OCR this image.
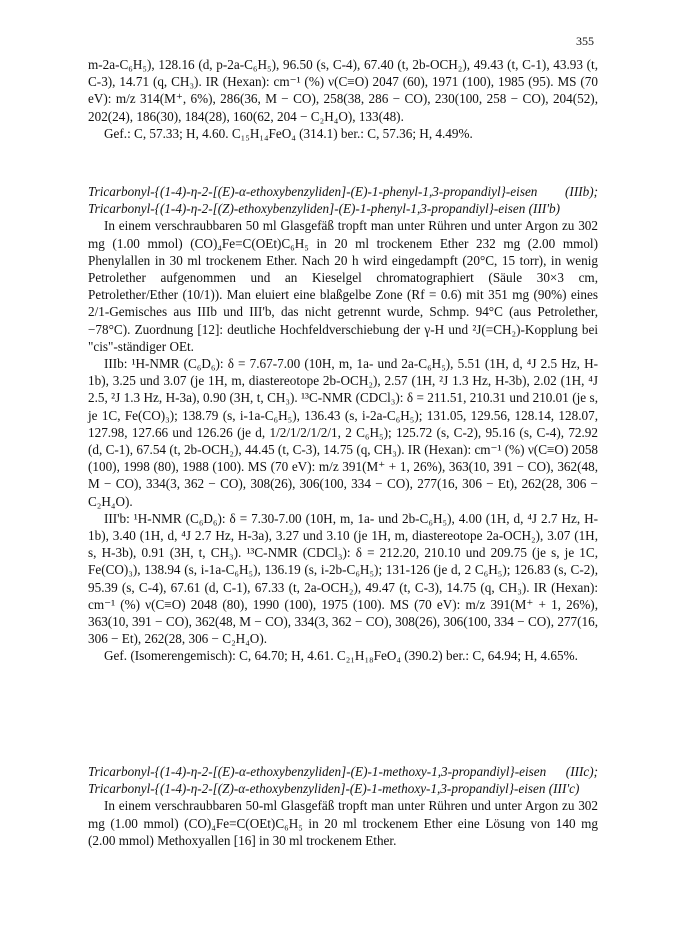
355

m-2a-C₆H₅), 128.16 (d, p-2a-C₆H₅), 96.50 (s, C-4), 67.40 (t, 2b-OCH₂), 49.43 (t, C-1), 43.93 (t, C-3), 14.71 (q, CH₃). IR (Hexan): cm⁻¹ (%) ν(C≡O) 2047 (60), 1971 (100), 1985 (95). MS (70 eV): m/z 314(M⁺, 6%), 286(36, M − CO), 258(38, 286 − CO), 230(100, 258 − CO), 204(52), 202(24), 186(30), 184(28), 160(62, 204 − C₂H₄O), 133(48).

Gef.: C, 57.33; H, 4.60. C₁₅H₁₄FeO₄ (314.1) ber.: C, 57.36; H, 4.49%.

Tricarbonyl-{(1-4)-η-2-[(E)-α-ethoxybenzyliden]-(E)-1-phenyl-1,3-propandiyl}-eisen (IIIb); Tricarbonyl-{(1-4)-η-2-[(Z)-ethoxybenzyliden]-(E)-1-phenyl-1,3-propandiyl}-eisen (III'b)

In einem verschraubbaren 50 ml Glasgefäß tropft man unter Rühren und unter Argon zu 302 mg (1.00 mmol) (CO)₄Fe=C(OEt)C₆H₅ in 20 ml trockenem Ether 232 mg (2.00 mmol) Phenylallen in 30 ml trockenem Ether. Nach 20 h wird eingedampft (20°C, 15 torr), in wenig Petrolether aufgenommen und an Kieselgel chromatographiert (Säule 30×3 cm, Petrolether/Ether (10/1)). Man eluiert eine blaßgelbe Zone (Rf = 0.6) mit 351 mg (90%) eines 2/1-Gemisches aus IIIb und III'b, das nicht getrennt wurde, Schmp. 94°C (aus Petrolether, −78°C). Zuordnung [12]: deutliche Hochfeldverschiebung der γ-H und ²J(=CH₂)-Kopplung bei "cis"-ständiger OEt.

IIIb: ¹H-NMR (C₆D₆): δ = 7.67-7.00 (10H, m, 1a- und 2a-C₆H₅), 5.51 (1H, d, ⁴J 2.5 Hz, H-1b), 3.25 und 3.07 (je 1H, m, diastereotope 2b-OCH₂), 2.57 (1H, ²J 1.3 Hz, H-3b), 2.02 (1H, ⁴J 2.5, ²J 1.3 Hz, H-3a), 0.90 (3H, t, CH₃). ¹³C-NMR (CDCl₃): δ = 211.51, 210.31 und 210.01 (je s, je 1C, Fe(CO)₃); 138.79 (s, i-1a-C₆H₅), 136.43 (s, i-2a-C₆H₅); 131.05, 129.56, 128.14, 128.07, 127.98, 127.66 und 126.26 (je d, 1/2/1/2/1/2/1, 2 C₆H₅); 125.72 (s, C-2), 95.16 (s, C-4), 72.92 (d, C-1), 67.54 (t, 2b-OCH₂), 44.45 (t, C-3), 14.75 (q, CH₃). IR (Hexan): cm⁻¹ (%) ν(C≡O) 2058 (100), 1998 (80), 1988 (100). MS (70 eV): m/z 391(M⁺ + 1, 26%), 363(10, 391 − CO), 362(48, M − CO), 334(3, 362 − CO), 308(26), 306(100, 334 − CO), 277(16, 306 − Et), 262(28, 306 − C₂H₄O).

III'b: ¹H-NMR (C₆D₆): δ = 7.30-7.00 (10H, m, 1a- und 2b-C₆H₅), 4.00 (1H, d, ⁴J 2.7 Hz, H-1b), 3.40 (1H, d, ⁴J 2.7 Hz, H-3a), 3.27 und 3.10 (je 1H, m, diastereotope 2a-OCH₂), 3.07 (1H, s, H-3b), 0.91 (3H, t, CH₃). ¹³C-NMR (CDCl₃): δ = 212.20, 210.10 und 209.75 (je s, je 1C, Fe(CO)₃), 138.94 (s, i-1a-C₆H₅), 136.19 (s, i-2b-C₆H₅); 131-126 (je d, 2 C₆H₅); 126.83 (s, C-2), 95.39 (s, C-4), 67.61 (d, C-1), 67.33 (t, 2a-OCH₂), 49.47 (t, C-3), 14.75 (q, CH₃). IR (Hexan): cm⁻¹ (%) ν(C≡O) 2048 (80), 1990 (100), 1975 (100). MS (70 eV): m/z 391(M⁺ + 1, 26%), 363(10, 391 − CO), 362(48, M − CO), 334(3, 362 − CO), 308(26), 306(100, 334 − CO), 277(16, 306 − Et), 262(28, 306 − C₂H₄O).

Gef. (Isomerengemisch): C, 64.70; H, 4.61. C₂₁H₁₈FeO₄ (390.2) ber.: C, 64.94; H, 4.65%.

Tricarbonyl-{(1-4)-η-2-[(E)-α-ethoxybenzyliden]-(E)-1-methoxy-1,3-propandiyl}-eisen (IIIc); Tricarbonyl-{(1-4)-η-2-[(Z)-α-ethoxybenzyliden]-(E)-1-methoxy-1,3-propandiyl}-eisen (III'c)

In einem verschraubbaren 50-ml Glasgefäß tropft man unter Rühren und unter Argon zu 302 mg (1.00 mmol) (CO)₄Fe=C(OEt)C₆H₅ in 20 ml trockenem Ether eine Lösung von 140 mg (2.00 mmol) Methoxyallen [16] in 30 ml trockenem Ether.
